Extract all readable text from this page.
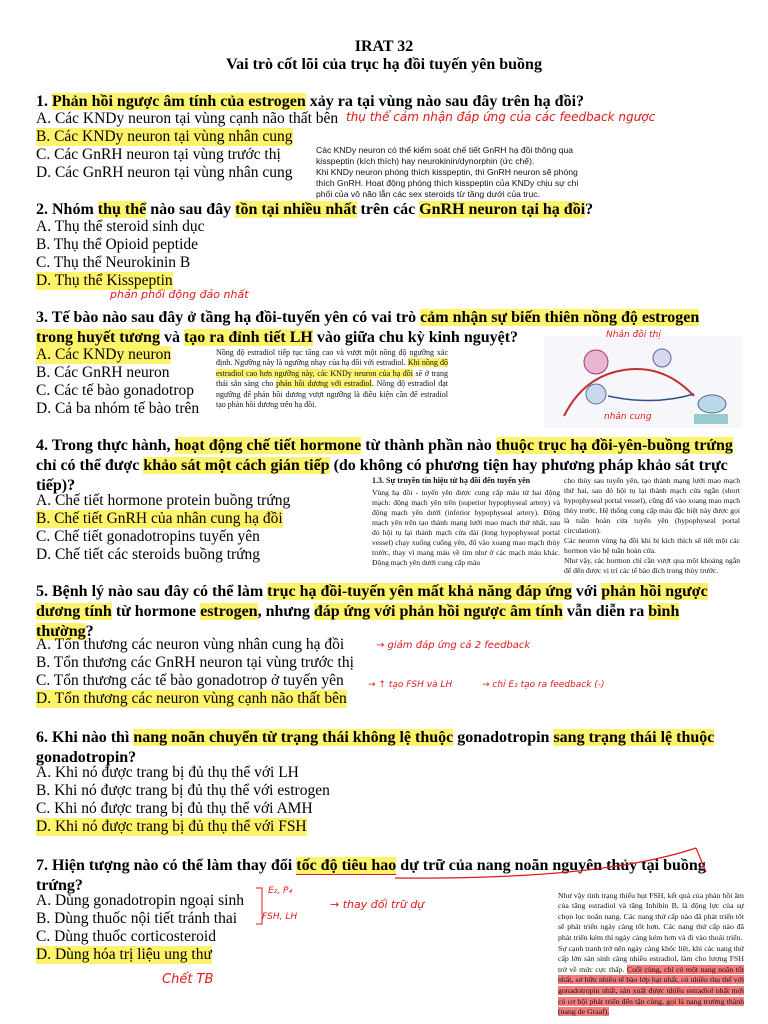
IRAT 32
Vai trò cốt lõi của trục hạ đồi tuyến yên buồng
1. Phản hồi ngược âm tính của estrogen xảy ra tại vùng nào sau đây trên hạ đồi?
A. Các KNDy neuron tại vùng cạnh não thất bên
B. Các KNDy neuron tại vùng nhân cung
C. Các GnRH neuron tại vùng trước thị
D. Các GnRH neuron tại vùng nhân cung
Các KNDy neuron có thể kiểm soát chế tiết GnRH hạ đồi thông qua kisspeptin (kích thích) hay neurokinin/dynorphin (ức chế).
Khi KNDy neuron phóng thích kisspeptin, thì GnRH neuron sẽ phóng thích GnRH. Hoạt động phóng thích kisspeptin của KNDy chịu sự chi phối của vô não lẫn các sex steroids từ tầng dưới của trục.
thụ thể cảm nhận đáp ứng của các feedback ngược
2. Nhóm thụ thể nào sau đây tồn tại nhiều nhất trên các GnRH neuron tại hạ đồi?
A. Thụ thể steroid sinh dục
B. Thụ thể Opioid peptide
C. Thụ thể Neurokinin B
D. Thụ thể Kisspeptin
phản phối động đảo nhất
3. Tế bào nào sau đây ở tầng hạ đồi-tuyến yên có vai trò cảm nhận sự biến thiên nồng độ estrogen trong huyết tương và tạo ra đỉnh tiết LH vào giữa chu kỳ kinh nguyệt?
A. Các KNDy neuron
B. Các GnRH neuron
C. Các tế bào gonadotrop
D. Cả ba nhóm tế bào trên
Nồng độ estradiol tiếp tục tăng cao và vượt một nồng độ ngưỡng xác định. Ngưỡng này là ngưỡng nhạy của hạ đồi với estradiol. Khi nồng độ estradiol cao hơn ngưỡng này, các KNDy neuron của hạ đồi sẽ ở trạng thái sẵn sàng cho phản hồi dương với estradiol. Nồng độ estradiol đạt ngưỡng để phản hồi dương vượt ngưỡng là điều kiện cần để estradiol tạo phản hồi dương trên hạ đồi.
Nhân đồi thị
nhân cung
4. Trong thực hành, hoạt động chế tiết hormone từ thành phần nào thuộc trục hạ đồi-yên-buồng trứng chỉ có thể được khảo sát một cách gián tiếp (do không có phương tiện hay phương pháp khảo sát trực tiếp)?
A. Chế tiết hormone protein buồng trứng
B. Chế tiết GnRH của nhân cung hạ đồi
C. Chế tiết gonadotropins tuyến yên
D. Chế tiết các steroids buồng trứng
1.3. Sự truyền tín hiệu từ hạ đồi đến tuyến yên
Vùng hạ đồi - tuyến yên được cung cấp máu từ hai động mạch: động mạch yên trên (superior hypophyseal artery) và động mạch yên dưới (inferior hypophyseal artery). Động mạch yên trên tạo thành mạng lưới mao mạch thứ nhất, sau đó hội tụ lại thành mạch cửa dài (long hypophyseal portal vessel) chạy xuống cuống yên, đổ vào xoang mao mạch thùy trước, thay vì mang máu về tim như ở các mạch máu khác. Động mạch yên dưới cung cấp máu
cho thùy sau tuyến yên, tạo thành mạng lưới mao mạch thứ hai, sau đó hội tụ lại thành mạch cửa ngắn (short hypophyseal portal vessel), cũng đổ vào xoang mao mạch thùy trước. Hệ thống cung cấp máu đặc biệt này được gọi là tuần hoàn cửa tuyến yên (hypophyseal portal circulation).
Các neuron vùng hạ đồi khi bị kích thích sẽ tiết một các hormon vào hệ tuần hoàn cửa.
Như vậy, các hormon chỉ cần vượt qua một khoảng ngắn để đến được vị trí các tế bào đích trong thùy trước.
5. Bệnh lý nào sau đây có thể làm trục hạ đồi-tuyến yên mất khả năng đáp ứng với phản hồi ngược dương tính từ hormone estrogen, nhưng đáp ứng với phản hồi ngược âm tính vẫn diễn ra bình thường?
A. Tổn thương các neuron vùng nhân cung hạ đồi
B. Tổn thương các GnRH neuron tại vùng trước thị
C. Tổn thương các tế bào gonadotrop ở tuyến yên
D. Tổn thương các neuron vùng cạnh não thất bên
→ giảm đáp ứng cả 2 feedback
→ ↑ tạo FSH và LH	→ chỉ E₂ tạo ra feedback (-)
6. Khi nào thì nang noãn chuyển từ trạng thái không lệ thuộc gonadotropin sang trạng thái lệ thuộc gonadotropin?
A. Khi nó được trang bị đủ thụ thể với LH
B. Khi nó được trang bị đủ thụ thể với estrogen
C. Khi nó được trang bị đủ thụ thể với AMH
D. Khi nó được trang bị đủ thụ thể với FSH
7. Hiện tượng nào có thể làm thay đổi tốc độ tiêu hao dự trữ của nang noãn nguyên thủy tại buồng trứng?
A. Dùng gonadotropin ngoại sinh
B. Dùng thuốc nội tiết tránh thai
C. Dùng thuốc corticosteroid
D. Dùng hóa trị liệu ung thư
E₂, P₄
FSH, LH
→ thay đổi trữ dự
Chết TB

Như vậy tình trạng thiếu hụt FSH, kết quả của phản hồi âm của tăng estradiol và tăng Inhibin B, là động lực của sự chọn lọc noãn nang. Các nang thứ cấp nào đã phát triển tốt sẽ phát triển ngày càng tốt hơn. Các nang thứ cấp nào đã phát triển kém thì ngày càng kém hơn và đi vào thoái triển.
Sự cạnh tranh trở nên ngày càng khốc liệt, khi các nang thứ cấp lớn sản sinh càng nhiều estradiol, làm cho lượng FSH trở về mức cực thấp. Cuối cùng, chỉ có một nang noãn tốt nhất, sở hữu nhiều tế bào lớp hạt nhất, có nhiều thụ thể với gonadotropin nhất, sản xuất được nhiều estradiol nhất mới có cơ hội phát triển đến tận cùng, gọi là nang trưởng thành (nang de Graaf).
